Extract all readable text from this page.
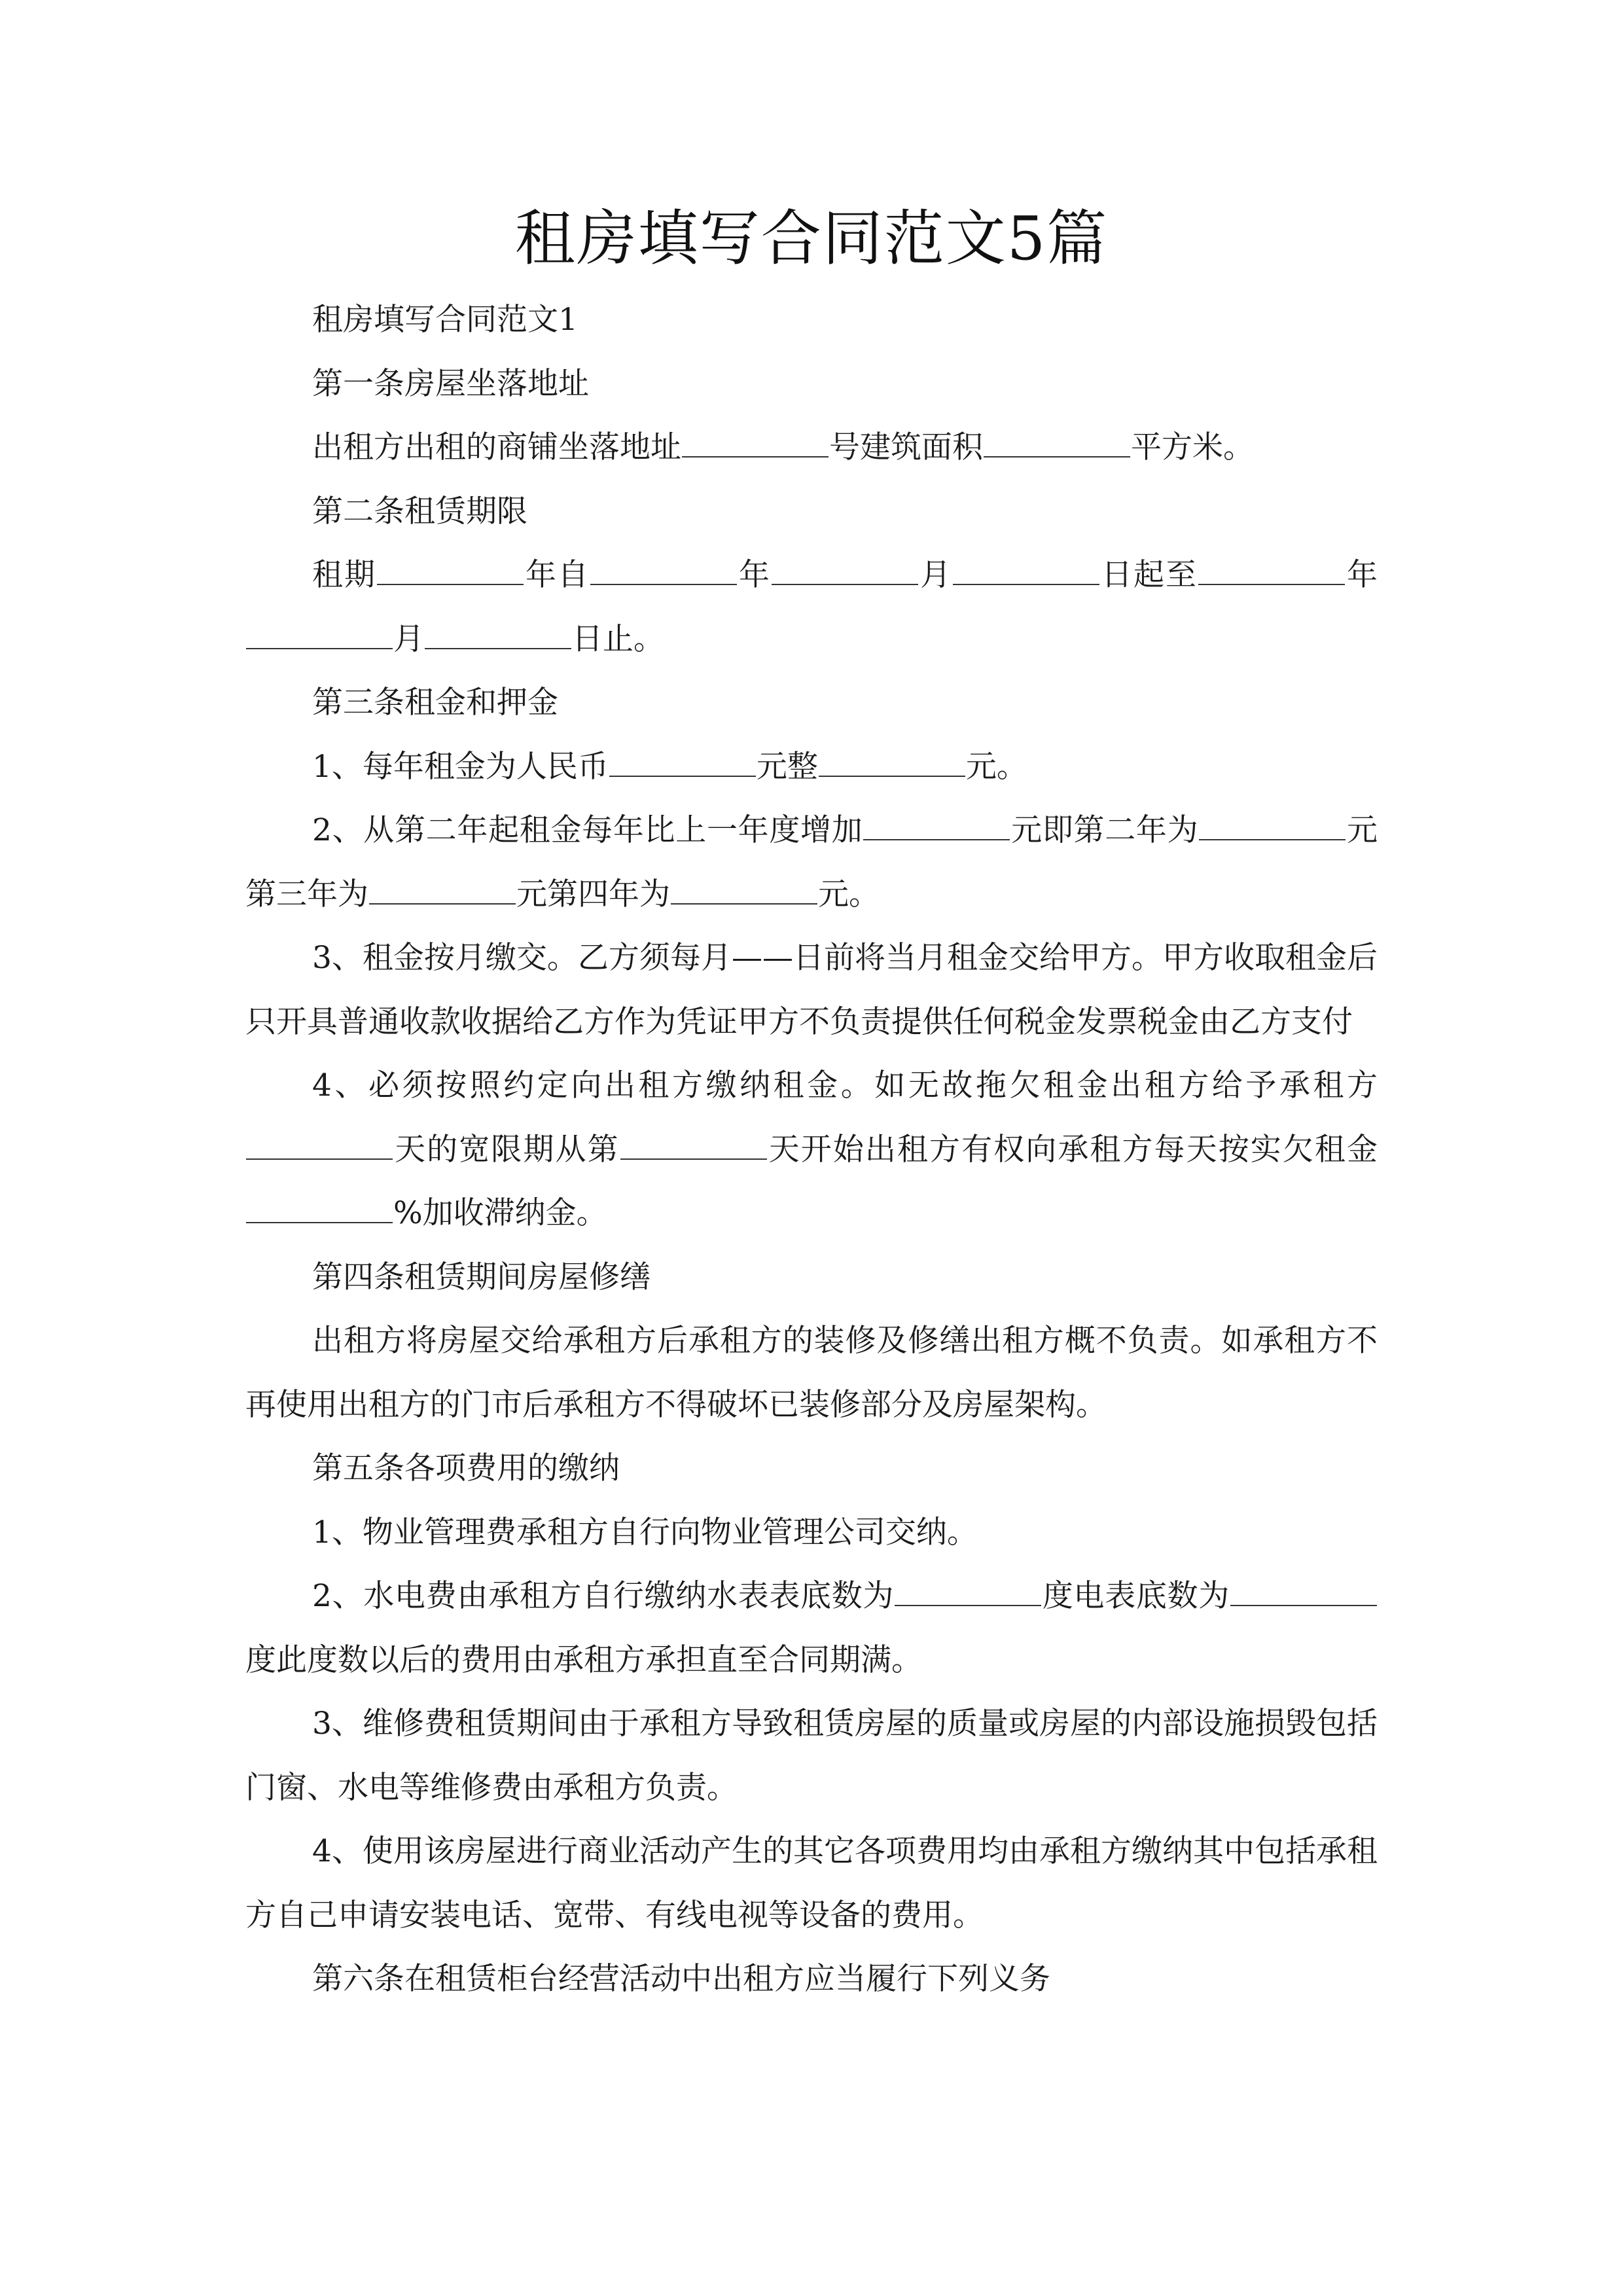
租房填写合同范文5篇

租房填写合同范文1

第一条房屋坐落地址

出租方出租的商铺坐落地址	号建筑面积	平方米。

第二条租赁期限

租期	年自	年	月	日起至	年月	日止。

第三条租金和押金

1、每年租金为人民币	元整	元。

2、从第二年起租金每年比上一年度增加	元即第二年为	元第三年为	元第四年为	元。

3、租金按月缴交。乙方须每月——日前将当月租金交给甲方。甲方收取租金后只开具普通收款收据给乙方作为凭证甲方不负责提供任何税金发票税金由乙方支付

4、必须按照约定向出租方缴纳租金。如无故拖欠租金出租方给予承租方天的宽限期从第	天开始出租方有权向承租方每天按实欠租金%加收滞纳金。

第四条租赁期间房屋修缮

出租方将房屋交给承租方后承租方的装修及修缮出租方概不负责。如承租方不再使用出租方的门市后承租方不得破坏已装修部分及房屋架构。

第五条各项费用的缴纳

1、物业管理费承租方自行向物业管理公司交纳。

2、水电费由承租方自行缴纳水表表底数为	度电表底数为度此度数以后的费用由承租方承担直至合同期满。

3、维修费租赁期间由于承租方导致租赁房屋的质量或房屋的内部设施损毁包括门窗、水电等维修费由承租方负责。

4、使用该房屋进行商业活动产生的其它各项费用均由承租方缴纳其中包括承租方自己申请安装电话、宽带、有线电视等设备的费用。

第六条在租赁柜台经营活动中出租方应当履行下列义务
